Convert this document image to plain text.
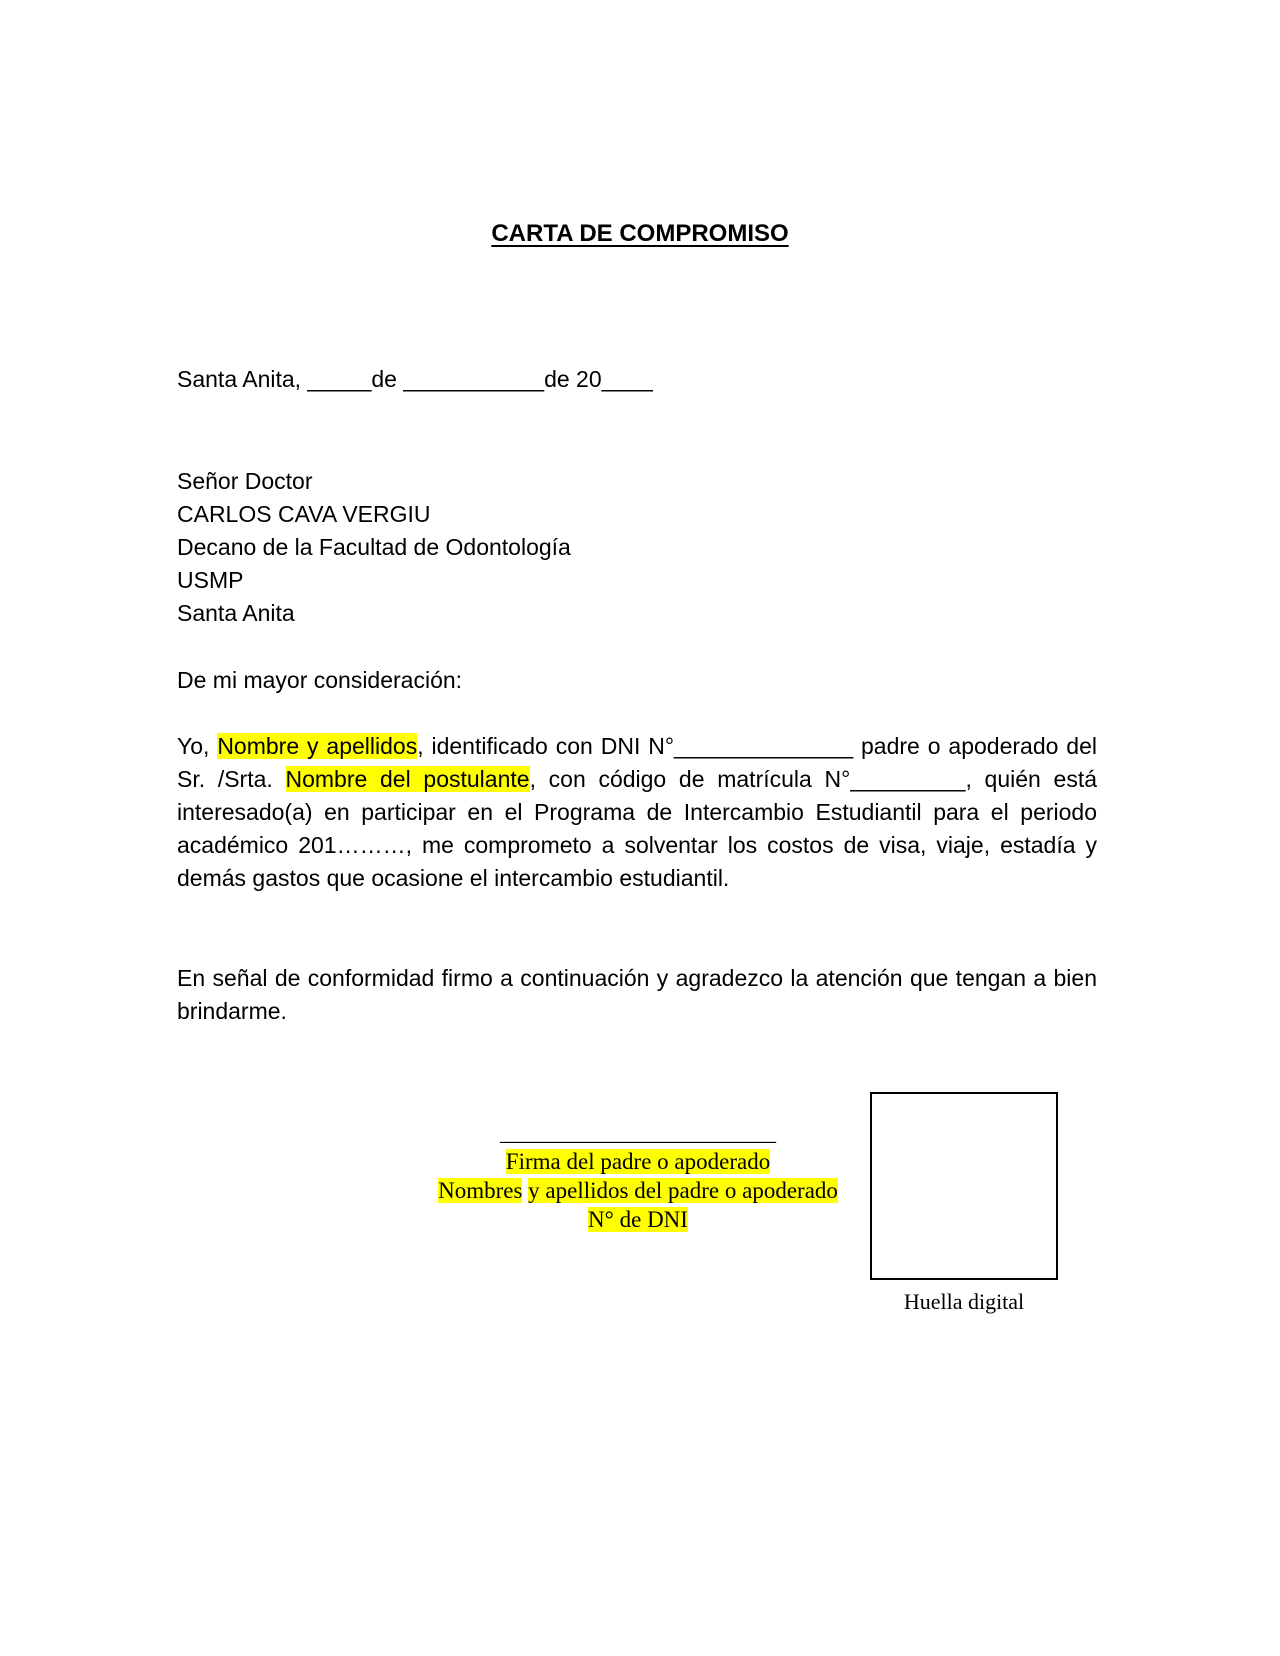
CARTA DE COMPROMISO

Santa Anita, _____de ___________de 20____

Señor Doctor
CARLOS CAVA VERGIU
Decano de la Facultad de Odontología
USMP
Santa Anita

De mi mayor consideración:

Yo, Nombre y apellidos, identificado con DNI N°______________ padre o apoderado del Sr. /Srta. Nombre del postulante, con código de matrícula N°_________, quién está interesado(a) en participar en el Programa de Intercambio Estudiantil para el periodo académico 201………, me comprometo a solventar los costos de visa, viaje, estadía y demás gastos que ocasione el intercambio estudiantil.

En señal de conformidad firmo a continuación y agradezco la atención que tengan a bien brindarme.

________________________
Firma del padre o apoderado
Nombres y apellidos del padre o apoderado
N° de DNI
Huella digital
